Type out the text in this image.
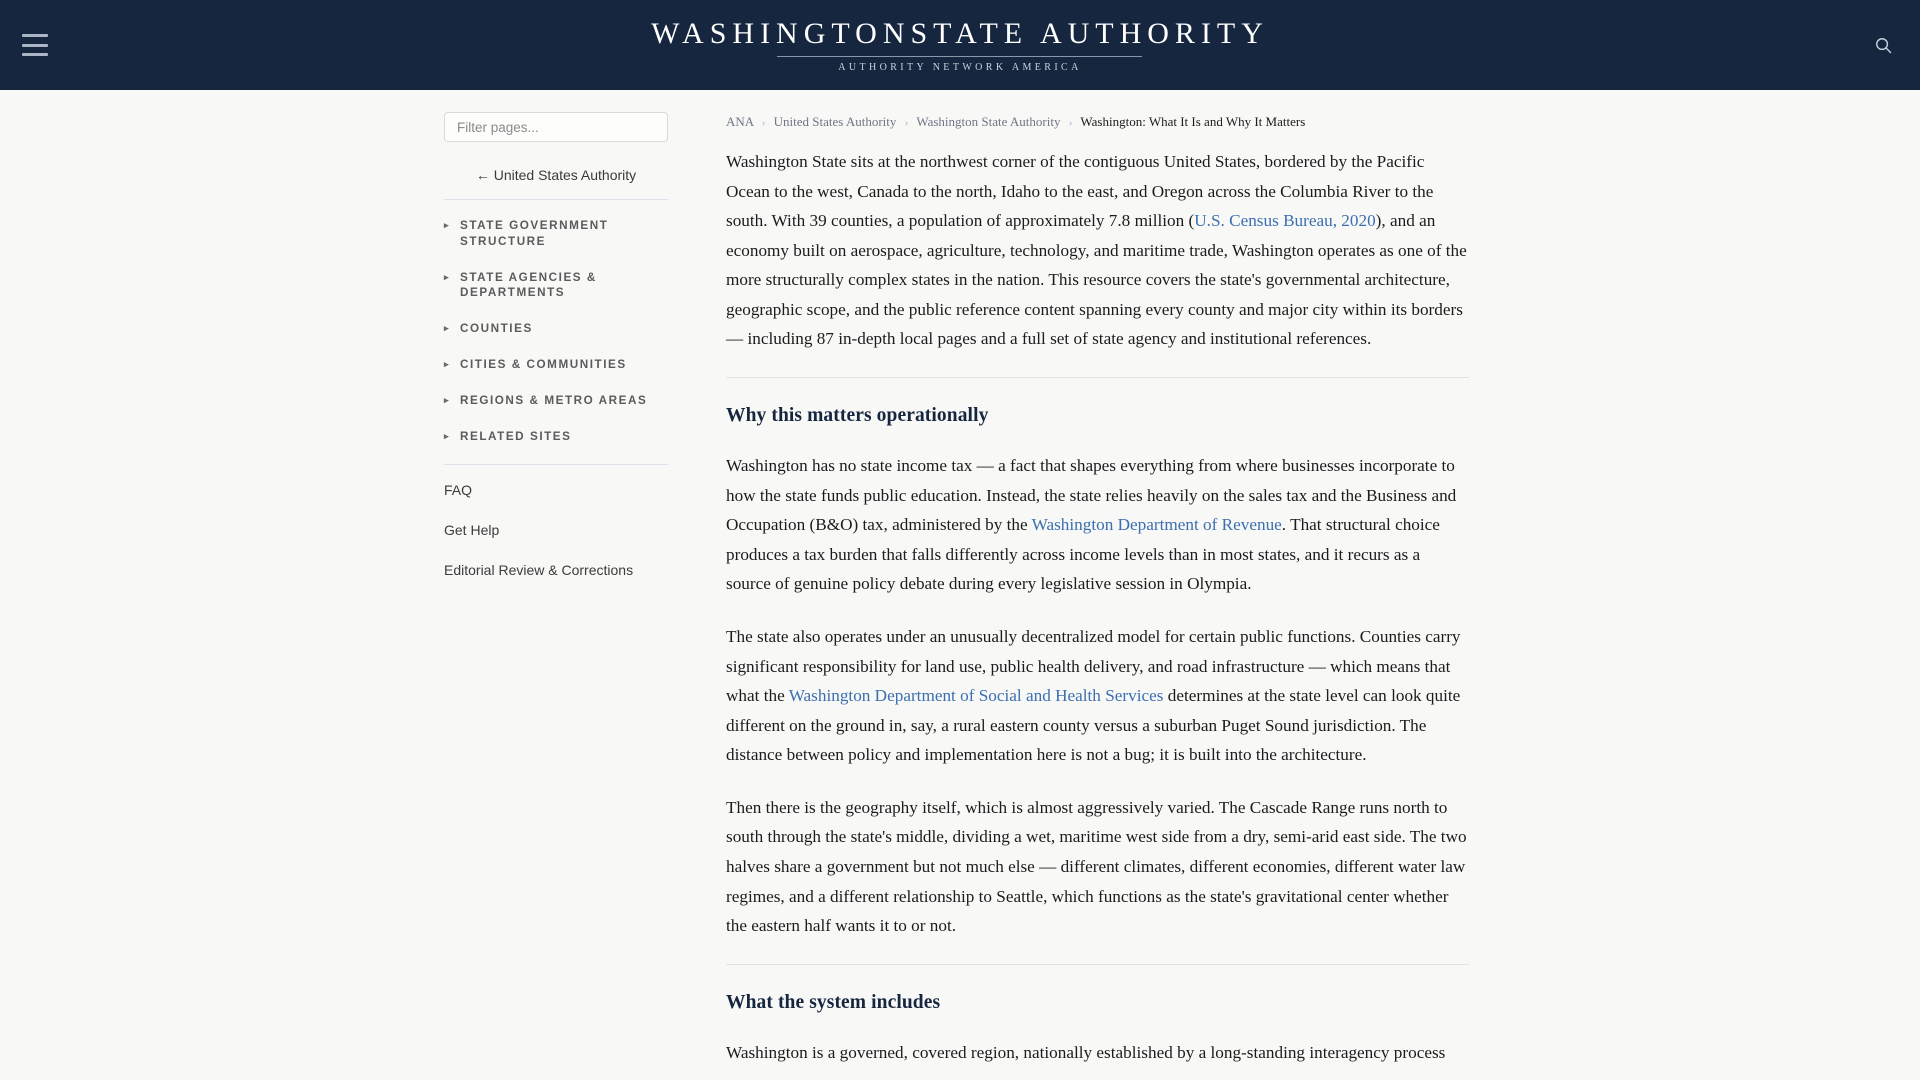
WASHINGTONSTATE AUTHORITY
AUTHORITY NETWORK AMERICA
Filter pages...
← United States Authority
▸ STATE GOVERNMENT STRUCTURE
▸ STATE AGENCIES & DEPARTMENTS
▸ COUNTIES
▸ CITIES & COMMUNITIES
▸ REGIONS & METRO AREAS
▸ RELATED SITES
FAQ
Get Help
Editorial Review & Corrections
ANA › United States Authority › Washington State Authority › Washington: What It Is and Why It Matters

Washington State sits at the northwest corner of the contiguous United States, bordered by the Pacific Ocean to the west, Canada to the north, Idaho to the east, and Oregon across the Columbia River to the south. With 39 counties, a population of approximately 7.8 million (U.S. Census Bureau, 2020), and an economy built on aerospace, agriculture, technology, and maritime trade, Washington operates as one of the more structurally complex states in the nation. This resource covers the state's governmental architecture, geographic scope, and the public reference content spanning every county and major city within its borders — including 87 in-depth local pages and a full set of state agency and institutional references.

Why this matters operationally

Washington has no state income tax — a fact that shapes everything from where businesses incorporate to how the state funds public education. Instead, the state relies heavily on the sales tax and the Business and Occupation (B&O) tax, administered by the Washington Department of Revenue. That structural choice produces a tax burden that falls differently across income levels than in most states, and it recurs as a source of genuine policy debate during every legislative session in Olympia.

The state also operates under an unusually decentralized model for certain public functions. Counties carry significant responsibility for land use, public health delivery, and road infrastructure — which means that what the Washington Department of Social and Health Services determines at the state level can look quite different on the ground in, say, a rural eastern county versus a suburban Puget Sound jurisdiction. The distance between policy and implementation here is not a bug; it is built into the architecture.

Then there is the geography itself, which is almost aggressively varied. The Cascade Range runs north to south through the state's middle, dividing a wet, maritime west side from a dry, semi-arid east side. The two halves share a government but not much else — different climates, different economies, different water law regimes, and a different relationship to Seattle, which functions as the state's gravitational center whether the eastern half wants it to or not.

What the system includes

Washington is a governed, covered region, nationally established by a long-standing interagency process
